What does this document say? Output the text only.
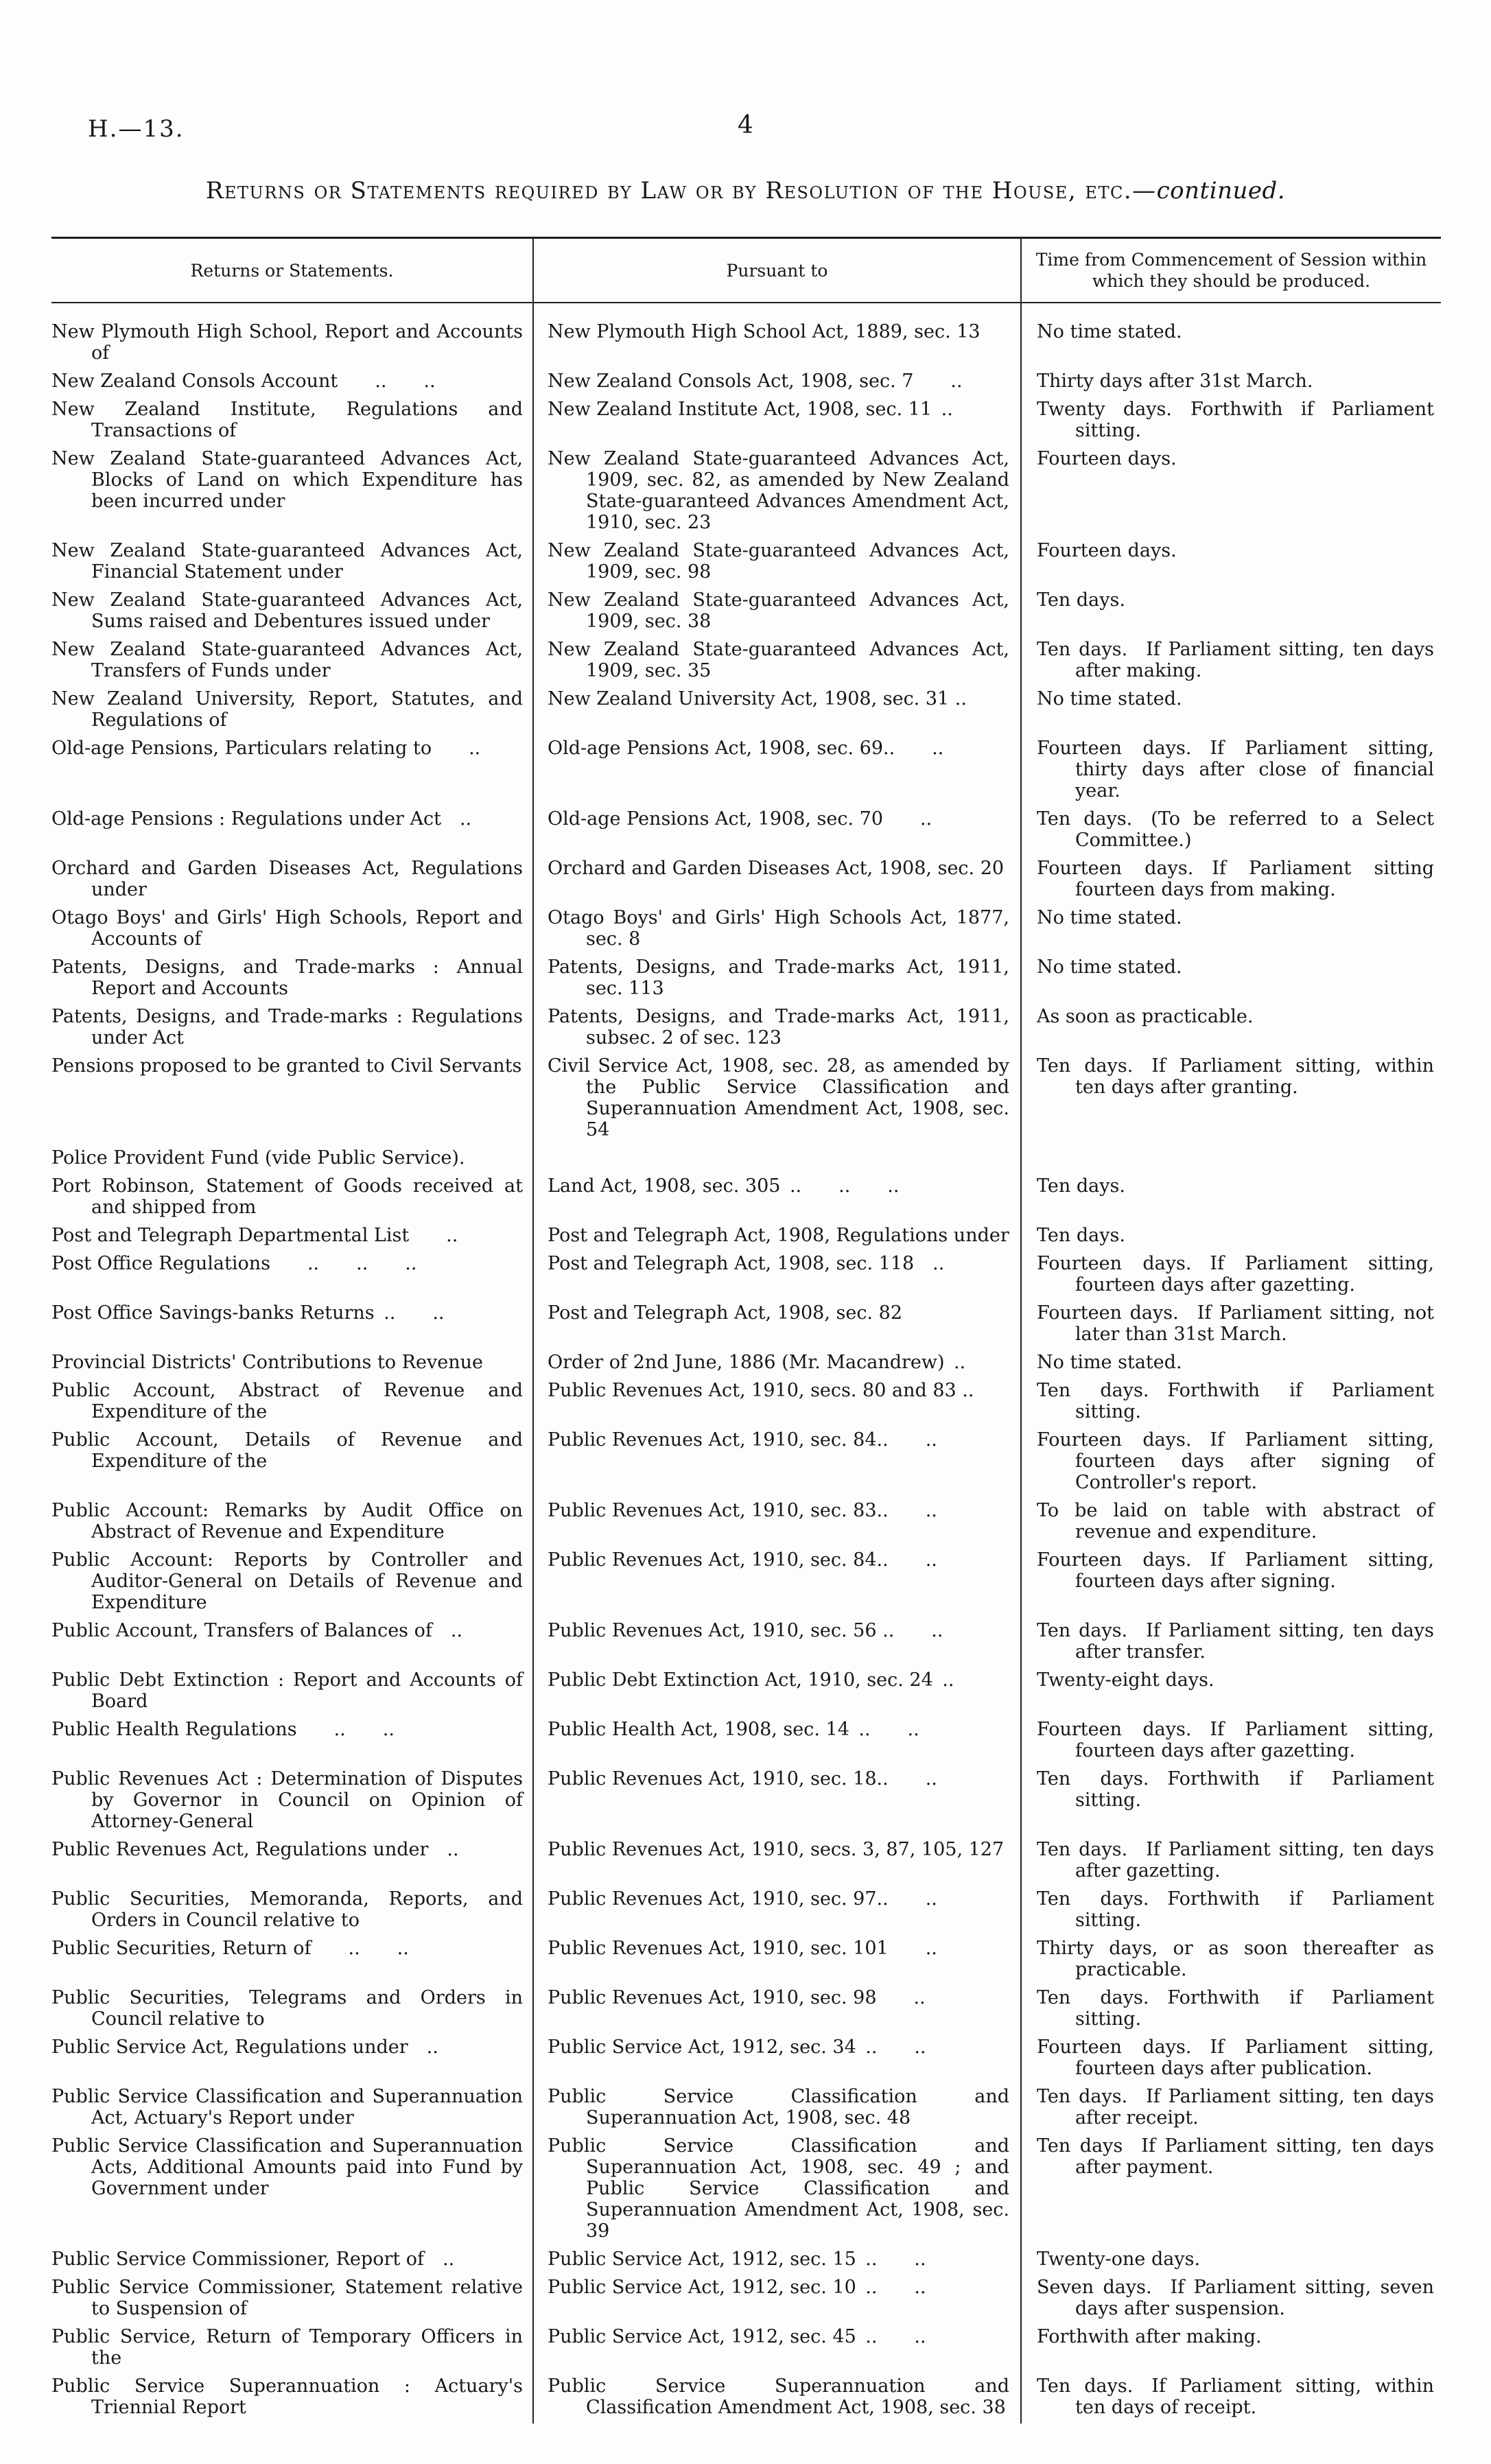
H.—13.	4
Returns or Statements required by Law or by Resolution of the House, etc.—continued.
Returns or Statements.	Pursuant to	Time from Commencement of Session within which they should be produced.
New Plymouth High School, Report and Accounts of	New Plymouth High School Act, 1889, sec. 13	No time stated.
New Zealand Consols Account  ..  ..	New Zealand Consols Act, 1908, sec. 7  ..	Thirty days after 31st March.
New Zealand Institute, Regulations and Transactions of	New Zealand Institute Act, 1908, sec. 11 ..	Twenty days. Forthwith if Parliament sitting.
New Zealand State-guaranteed Advances Act, Blocks of Land on which Expenditure has been incurred under	New Zealand State-guaranteed Advances Act, 1909, sec. 82, as amended by New Zealand State-guaranteed Advances Amendment Act, 1910, sec. 23	Fourteen days.
New Zealand State-guaranteed Advances Act, Financial Statement under	New Zealand State-guaranteed Advances Act, 1909, sec. 98	Fourteen days.
New Zealand State-guaranteed Advances Act, Sums raised and Debentures issued under	New Zealand State-guaranteed Advances Act, 1909, sec. 38	Ten days.
New Zealand State-guaranteed Advances Act, Transfers of Funds under	New Zealand State-guaranteed Advances Act, 1909, sec. 35	Ten days. If Parliament sitting, ten days after making.
New Zealand University, Report, Statutes, and Regulations of	New Zealand University Act, 1908, sec. 31 ..	No time stated.
Old-age Pensions, Particulars relating to  ..	Old-age Pensions Act, 1908, sec. 69..  ..	Fourteen days. If Parliament sitting, thirty days after close of financial year.
Old-age Pensions : Regulations under Act ..	Old-age Pensions Act, 1908, sec. 70  ..	Ten days. (To be referred to a Select Committee.)
Orchard and Garden Diseases Act, Regulations under	Orchard and Garden Diseases Act, 1908, sec. 20	Fourteen days. If Parliament sitting fourteen days from making.
Otago Boys' and Girls' High Schools, Report and Accounts of	Otago Boys' and Girls' High Schools Act, 1877, sec. 8	No time stated.
Patents, Designs, and Trade-marks : Annual Report and Accounts	Patents, Designs, and Trade-marks Act, 1911, sec. 113	No time stated.
Patents, Designs, and Trade-marks : Regulations under Act	Patents, Designs, and Trade-marks Act, 1911, subsec. 2 of sec. 123	As soon as practicable.
Pensions proposed to be granted to Civil Servants	Civil Service Act, 1908, sec. 28, as amended by the Public Service Classification and Superannuation Amendment Act, 1908, sec. 54	Ten days. If Parliament sitting, within ten days after granting.
Police Provident Fund (vide Public Service).		
Port Robinson, Statement of Goods received at and shipped from	Land Act, 1908, sec. 305 ..  ..  ..	Ten days.
Post and Telegraph Departmental List  ..	Post and Telegraph Act, 1908, Regulations under	Ten days.
Post Office Regulations  ..  ..  ..	Post and Telegraph Act, 1908, sec. 118 ..	Fourteen days. If Parliament sitting, fourteen days after gazetting.
Post Office Savings-banks Returns ..  ..	Post and Telegraph Act, 1908, sec. 82	Fourteen days. If Parliament sitting, not later than 31st March.
Provincial Districts' Contributions to Revenue	Order of 2nd June, 1886 (Mr. Macandrew) ..	No time stated.
Public Account, Abstract of Revenue and Expenditure of the	Public Revenues Act, 1910, secs. 80 and 83 ..	Ten days. Forthwith if Parliament sitting.
Public Account, Details of Revenue and Expenditure of the	Public Revenues Act, 1910, sec. 84..  ..	Fourteen days. If Parliament sitting, fourteen days after signing of Controller's report.
Public Account: Remarks by Audit Office on Abstract of Revenue and Expenditure	Public Revenues Act, 1910, sec. 83..  ..	To be laid on table with abstract of revenue and expenditure.
Public Account: Reports by Controller and Auditor-General on Details of Revenue and Expenditure	Public Revenues Act, 1910, sec. 84..  ..	Fourteen days. If Parliament sitting, fourteen days after signing.
Public Account, Transfers of Balances of ..	Public Revenues Act, 1910, sec. 56 ..  ..	Ten days. If Parliament sitting, ten days after transfer.
Public Debt Extinction : Report and Accounts of Board	Public Debt Extinction Act, 1910, sec. 24 ..	Twenty-eight days.
Public Health Regulations  ..  ..	Public Health Act, 1908, sec. 14 ..  ..	Fourteen days. If Parliament sitting, fourteen days after gazetting.
Public Revenues Act : Determination of Disputes by Governor in Council on Opinion of Attorney-General	Public Revenues Act, 1910, sec. 18..  ..	Ten days. Forthwith if Parliament sitting.
Public Revenues Act, Regulations under ..	Public Revenues Act, 1910, secs. 3, 87, 105, 127	Ten days. If Parliament sitting, ten days after gazetting.
Public Securities, Memoranda, Reports, and Orders in Council relative to	Public Revenues Act, 1910, sec. 97..  ..	Ten days. Forthwith if Parliament sitting.
Public Securities, Return of  ..  ..	Public Revenues Act, 1910, sec. 101  ..	Thirty days, or as soon thereafter as practicable.
Public Securities, Telegrams and Orders in Council relative to	Public Revenues Act, 1910, sec. 98  ..	Ten days. Forthwith if Parliament sitting.
Public Service Act, Regulations under ..	Public Service Act, 1912, sec. 34 ..  ..	Fourteen days. If Parliament sitting, fourteen days after publication.
Public Service Classification and Superannuation Act, Actuary's Report under	Public Service Classification and Superannuation Act, 1908, sec. 48	Ten days. If Parliament sitting, ten days after receipt.
Public Service Classification and Superannuation Acts, Additional Amounts paid into Fund by Government under	Public Service Classification and Superannuation Act, 1908, sec. 49 ; and Public Service Classification and Superannuation Amendment Act, 1908, sec. 39	Ten days If Parliament sitting, ten days after payment.
Public Service Commissioner, Report of ..	Public Service Act, 1912, sec. 15 ..  ..	Twenty-one days.
Public Service Commissioner, Statement relative to Suspension of	Public Service Act, 1912, sec. 10 ..  ..	Seven days. If Parliament sitting, seven days after suspension.
Public Service, Return of Temporary Officers in the	Public Service Act, 1912, sec. 45 ..  ..	Forthwith after making.
Public Service Superannuation : Actuary's Triennial Report	Public Service Superannuation and Classification Amendment Act, 1908, sec. 38	Ten days. If Parliament sitting, within ten days of receipt.
